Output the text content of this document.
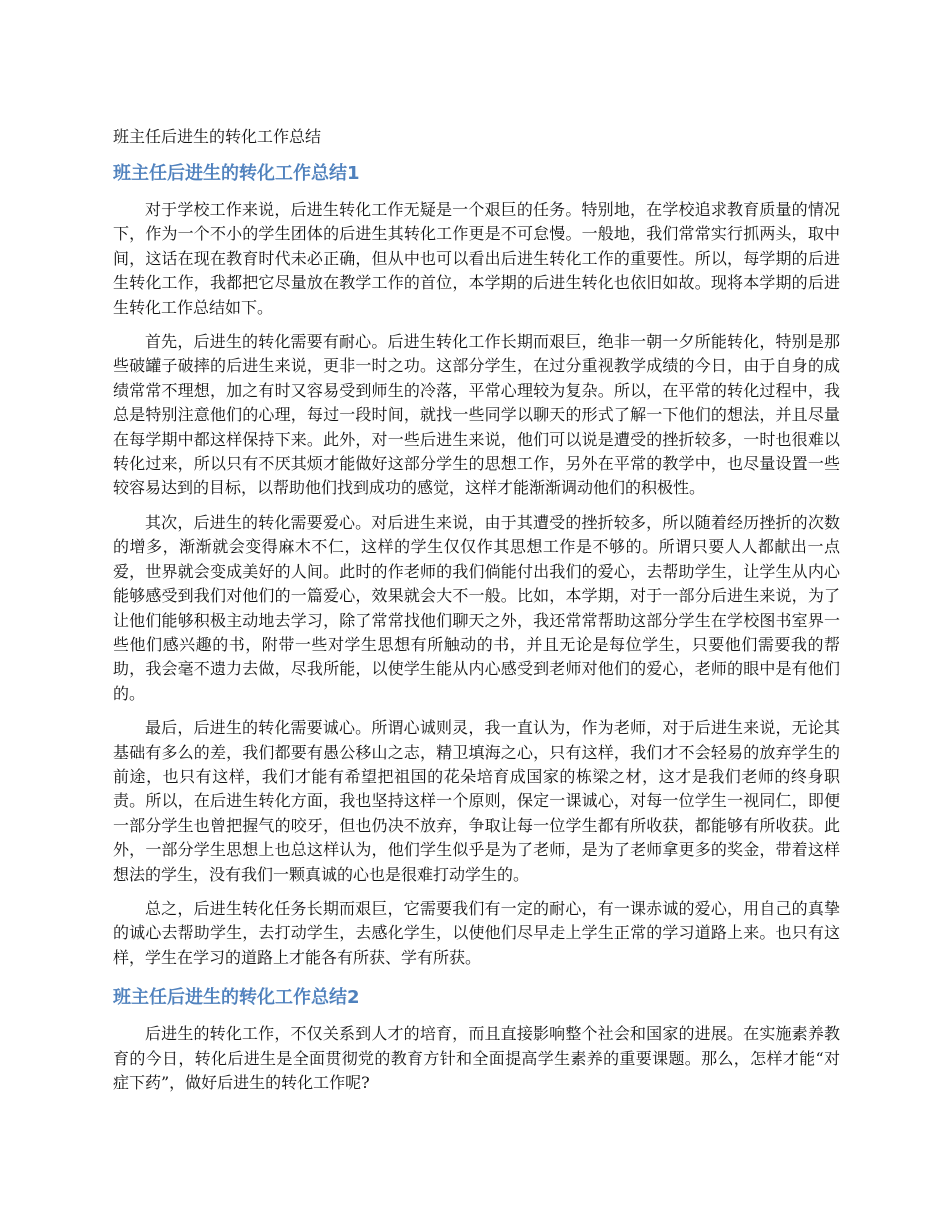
班主任后进生的转化工作总结
班主任后进生的转化工作总结1

对于学校工作来说，后进生转化工作无疑是一个艰巨的任务。特别地，在学校追求教育质量的情况下，作为一个不小的学生团体的后进生其转化工作更是不可怠慢。一般地，我们常常实行抓两头，取中间，这话在现在教育时代未必正确，但从中也可以看出后进生转化工作的重要性。所以，每学期的后进生转化工作，我都把它尽量放在教学工作的首位，本学期的后进生转化也依旧如故。现将本学期的后进生转化工作总结如下。

首先，后进生的转化需要有耐心。后进生转化工作长期而艰巨，绝非一朝一夕所能转化，特别是那些破罐子破摔的后进生来说，更非一时之功。这部分学生，在过分重视教学成绩的今日，由于自身的成绩常常不理想，加之有时又容易受到师生的冷落，平常心理较为复杂。所以，在平常的转化过程中，我总是特别注意他们的心理，每过一段时间，就找一些同学以聊天的形式了解一下他们的想法，并且尽量在每学期中都这样保持下来。此外，对一些后进生来说，他们可以说是遭受的挫折较多，一时也很难以转化过来，所以只有不厌其烦才能做好这部分学生的思想工作，另外在平常的教学中，也尽量设置一些较容易达到的目标，以帮助他们找到成功的感觉，这样才能渐渐调动他们的积极性。

其次，后进生的转化需要爱心。对后进生来说，由于其遭受的挫折较多，所以随着经历挫折的次数的增多，渐渐就会变得麻木不仁，这样的学生仅仅作其思想工作是不够的。所谓只要人人都献出一点爱，世界就会变成美好的人间。此时的作老师的我们倘能付出我们的爱心，去帮助学生，让学生从内心能够感受到我们对他们的一篇爱心，效果就会大不一般。比如，本学期，对于一部分后进生来说，为了让他们能够积极主动地去学习，除了常常找他们聊天之外，我还常常帮助这部分学生在学校图书室界一些他们感兴趣的书，附带一些对学生思想有所触动的书，并且无论是每位学生，只要他们需要我的帮助，我会毫不遗力去做，尽我所能，以使学生能从内心感受到老师对他们的爱心，老师的眼中是有他们的。

最后，后进生的转化需要诚心。所谓心诚则灵，我一直认为，作为老师，对于后进生来说，无论其基础有多么的差，我们都要有愚公移山之志，精卫填海之心，只有这样，我们才不会轻易的放弃学生的前途，也只有这样，我们才能有希望把祖国的花朵培育成国家的栋梁之材，这才是我们老师的终身职责。所以，在后进生转化方面，我也坚持这样一个原则，保定一课诚心，对每一位学生一视同仁，即便一部分学生也曾把握气的咬牙，但也仍决不放弃，争取让每一位学生都有所收获，都能够有所收获。此外，一部分学生思想上也总这样认为，他们学生似乎是为了老师，是为了老师拿更多的奖金，带着这样想法的学生，没有我们一颗真诚的心也是很难打动学生的。

总之，后进生转化任务长期而艰巨，它需要我们有一定的耐心，有一课赤诚的爱心，用自己的真挚的诚心去帮助学生，去打动学生，去感化学生，以使他们尽早走上学生正常的学习道路上来。也只有这样，学生在学习的道路上才能各有所获、学有所获。

班主任后进生的转化工作总结2

后进生的转化工作，不仅关系到人才的培育，而且直接影响整个社会和国家的进展。在实施素养教育的今日，转化后进生是全面贯彻党的教育方针和全面提高学生素养的重要课题。那么，怎样才能“对症下药”，做好后进生的转化工作呢?
